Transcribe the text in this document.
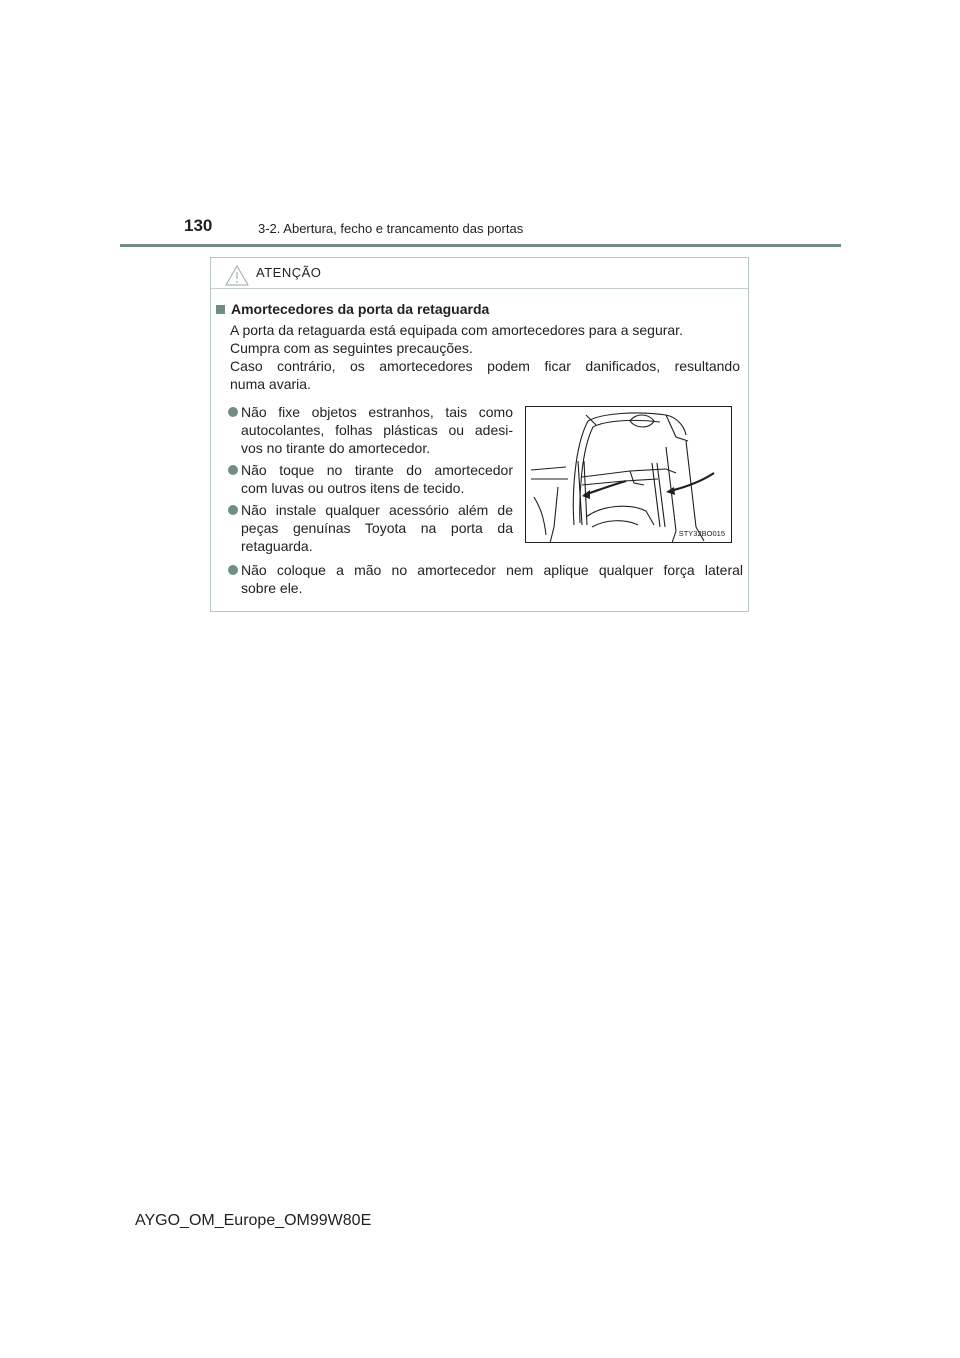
130	3-2. Abertura, fecho e trancamento das portas
ATENÇÃO
Amortecedores da porta da retaguarda
A porta da retaguarda está equipada com amortecedores para a segurar.
Cumpra com as seguintes precauções.
Caso contrário, os amortecedores podem ficar danificados, resultando
numa avaria.
Não fixe objetos estranhos, tais como
autocolantes, folhas plásticas ou adesi-
vos no tirante do amortecedor.
Não toque no tirante do amortecedor
com luvas ou outros itens de tecido.
Não instale qualquer acessório além de
peças genuínas Toyota na porta da
retaguarda.
Não coloque a mão no amortecedor nem aplique qualquer força lateral
sobre ele.
STY32BO015
AYGO_OM_Europe_OM99W80E
